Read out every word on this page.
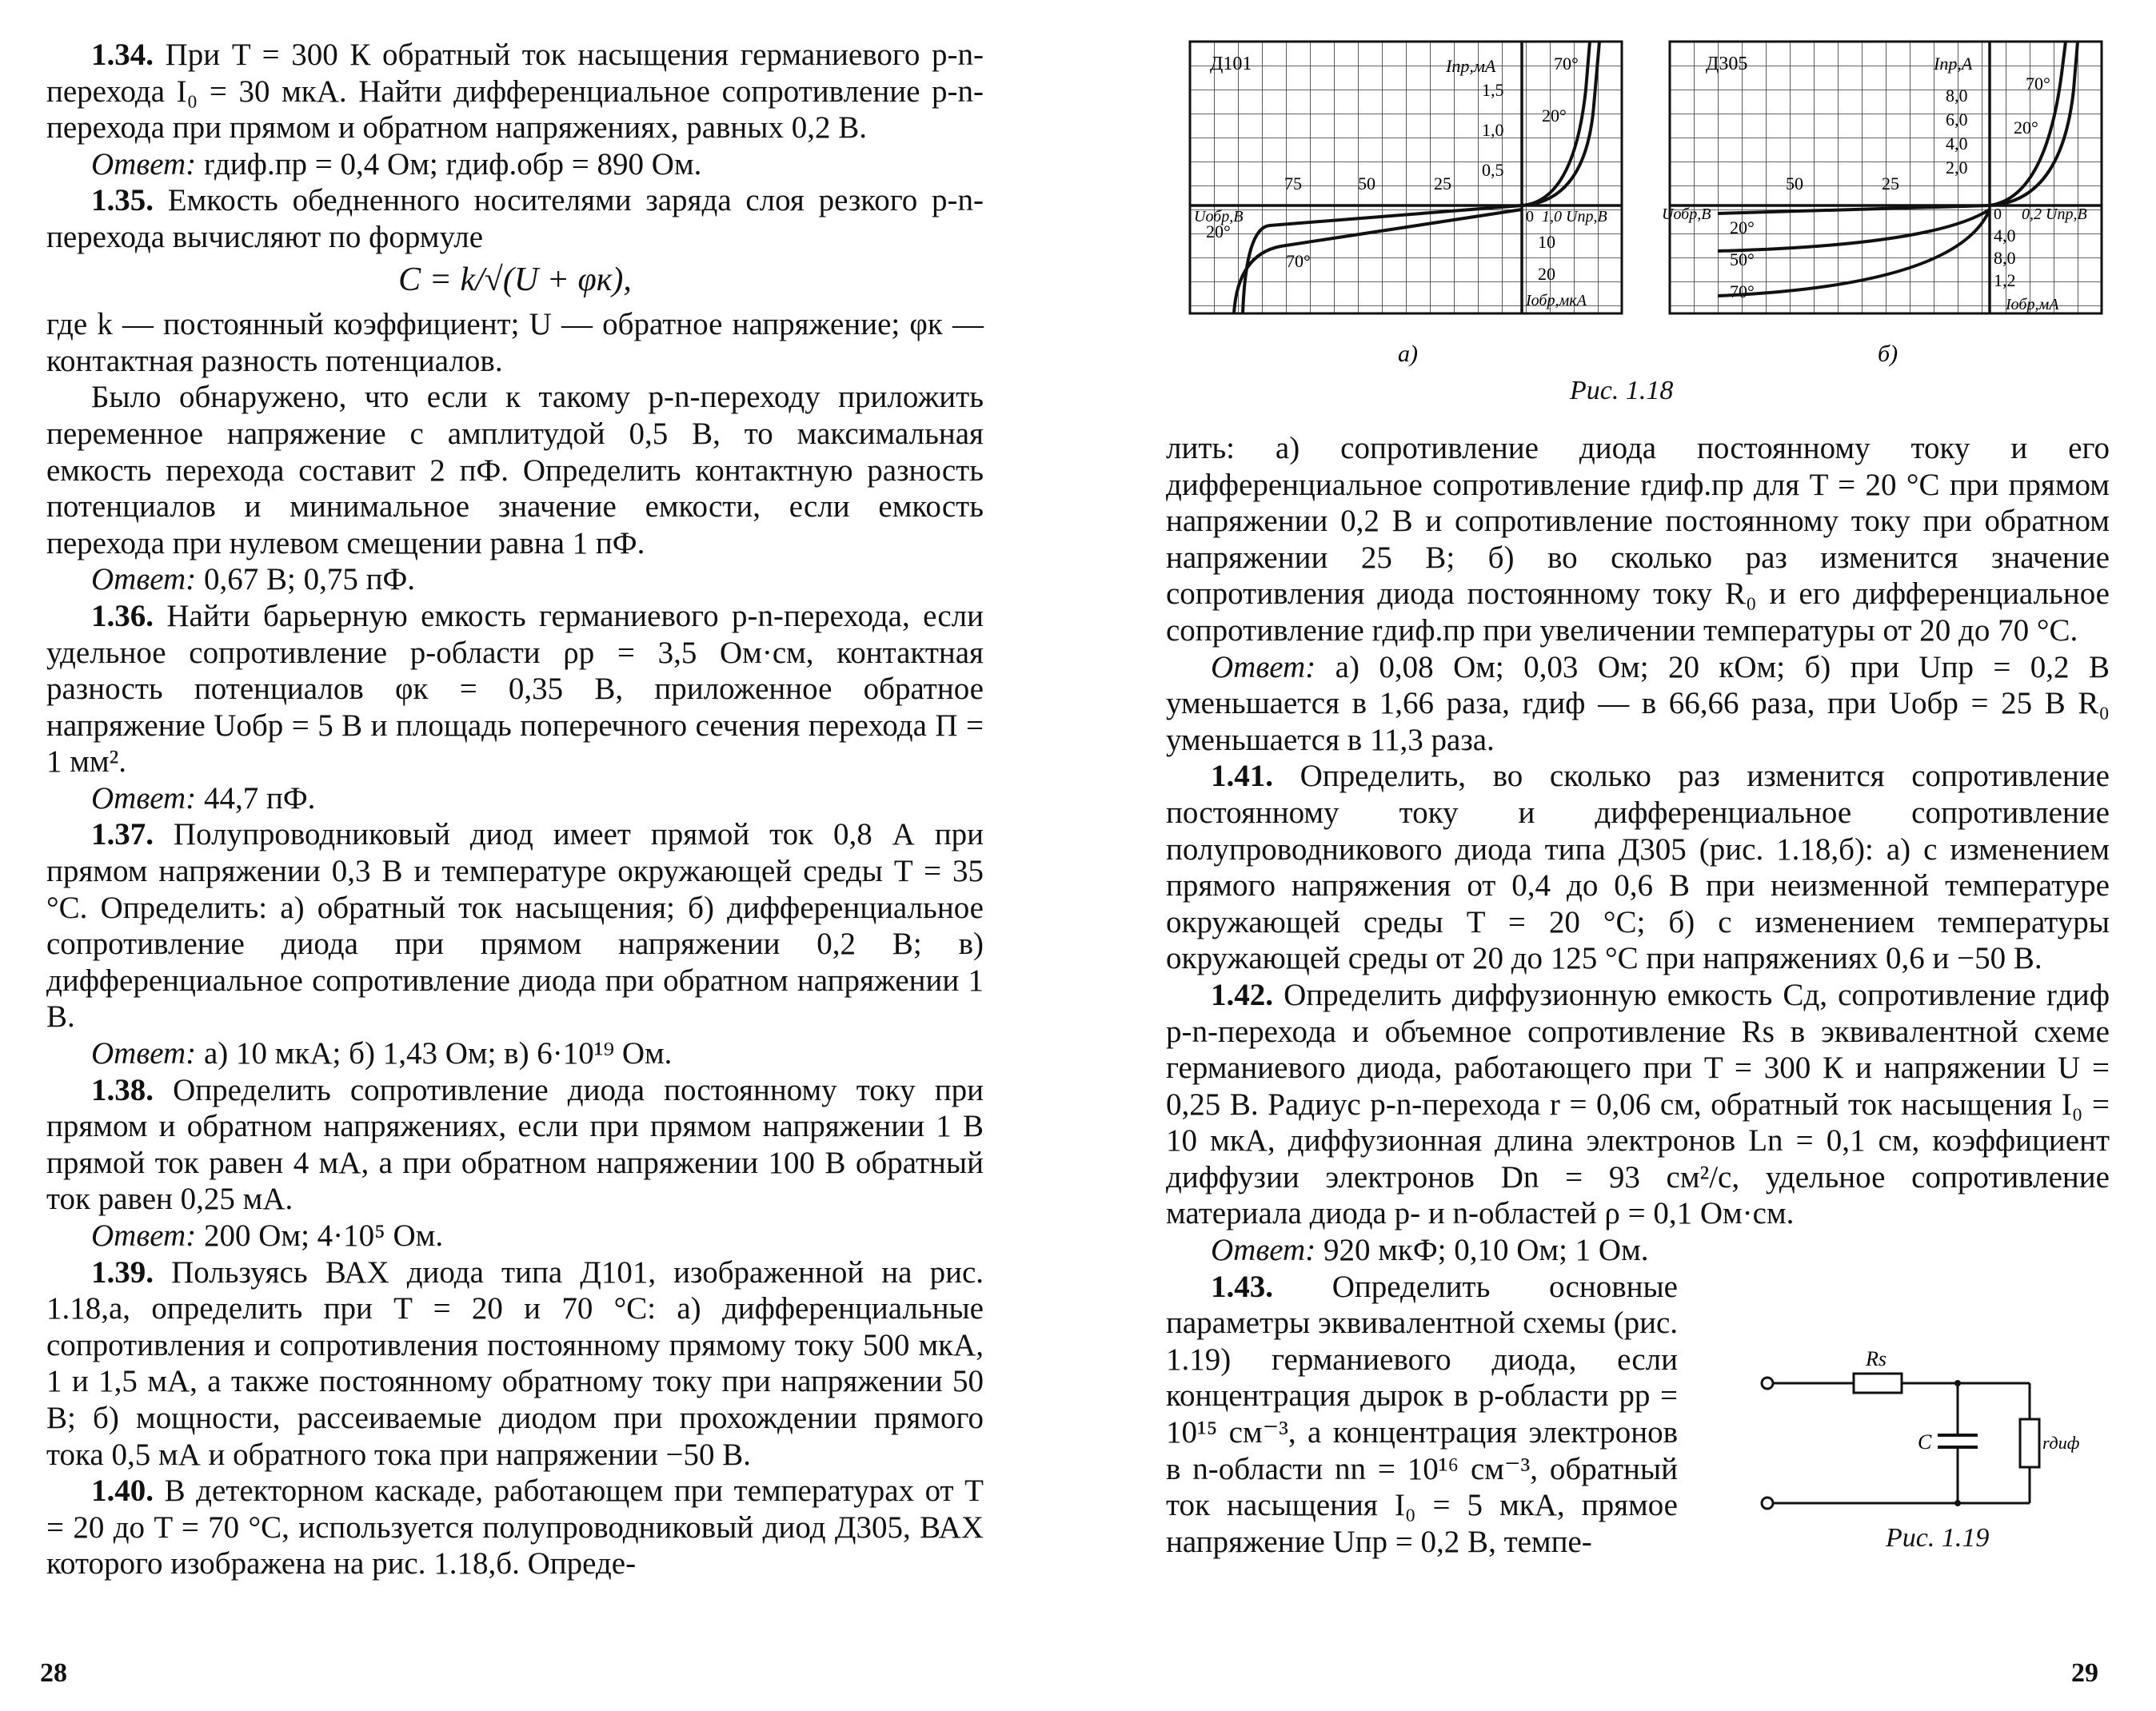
1.34. При T = 300 К обратный ток насыщения германиевого p-n-перехода I₀ = 30 мкА. Найти дифференциальное сопротивление p-n-перехода при прямом и обратном напряжениях, равных 0,2 В.

Ответ: rдиф.пр = 0,4 Ом; rдиф.обр = 890 Ом.

1.35. Емкость обедненного носителями заряда слоя резкого p-n-перехода вычисляют по формуле

C = k/√(U + φк),

где k — постоянный коэффициент; U — обратное напряжение; φк — контактная разность потенциалов.

Было обнаружено, что если к такому p-n-переходу приложить переменное напряжение с амплитудой 0,5 В, то максимальная емкость перехода составит 2 пФ. Определить контактную разность потенциалов и минимальное значение емкости, если емкость перехода при нулевом смещении равна 1 пФ.

Ответ: 0,67 В; 0,75 пФ.

1.36. Найти барьерную емкость германиевого p-n-перехода, если удельное сопротивление p-области ρp = 3,5 Ом·см, контактная разность потенциалов φк = 0,35 В, приложенное обратное напряжение Uобр = 5 В и площадь поперечного сечения перехода П = 1 мм².

Ответ: 44,7 пФ.

1.37. Полупроводниковый диод имеет прямой ток 0,8 А при прямом напряжении 0,3 В и температуре окружающей среды T = 35 °С. Определить: а) обратный ток насыщения; б) дифференциальное сопротивление диода при прямом напряжении 0,2 В; в) дифференциальное сопротивление диода при обратном напряжении 1 В.

Ответ: а) 10 мкА; б) 1,43 Ом; в) 6·10¹⁹ Ом.

1.38. Определить сопротивление диода постоянному току при прямом и обратном напряжениях, если при прямом напряжении 1 В прямой ток равен 4 мА, а при обратном напряжении 100 В обратный ток равен 0,25 мА.

Ответ: 200 Ом; 4·10⁵ Ом.

1.39. Пользуясь ВАХ диода типа Д101, изображенной на рис. 1.18,а, определить при T = 20 и 70 °С: а) дифференциальные сопротивления и сопротивления постоянному прямому току 500 мкА, 1 и 1,5 мА, а также постоянному обратному току при напряжении 50 В; б) мощности, рассеиваемые диодом при прохождении прямого тока 0,5 мА и обратного тока при напряжении −50 В.

1.40. В детекторном каскаде, работающем при температурах от T = 20 до T = 70 °С, используется полупроводниковый диод Д305, ВАХ которого изображена на рис. 1.18,б. Опреде-

28
Д101	Iпр,мА
1,5
1,0
0,5
75	50	25
Uобр,В	0 1,0 Uпр,В
10
20
Iобр,мкА
70°
20°
20°
70°
а)
Д305	Iпр,А
8,0
6,0
4,0
2,0
50	25
Uобр,В	0 0,2 Uпр,В
4,0
8,0
1,2
Iобр,мА
70°
20°
20°
50°
70°
б)
Рис. 1.18

лить: а) сопротивление диода постоянному току и его дифференциальное сопротивление rдиф.пр для T = 20 °С при прямом напряжении 0,2 В и сопротивление постоянному току при обратном напряжении 25 В; б) во сколько раз изменится значение сопротивления диода постоянному току R₀ и его дифференциальное сопротивление rдиф.пр при увеличении температуры от 20 до 70 °С.

Ответ: а) 0,08 Ом; 0,03 Ом; 20 кОм; б) при Uпр = 0,2 В уменьшается в 1,66 раза, rдиф — в 66,66 раза, при Uобр = 25 В R₀ уменьшается в 11,3 раза.

1.41. Определить, во сколько раз изменится сопротивление постоянному току и дифференциальное сопротивление полупроводникового диода типа Д305 (рис. 1.18,б): а) с изменением прямого напряжения от 0,4 до 0,6 В при неизменной температуре окружающей среды T = 20 °С; б) с изменением температуры окружающей среды от 20 до 125 °С при напряжениях 0,6 и −50 В.

1.42. Определить диффузионную емкость Cд, сопротивление rдиф p-n-перехода и объемное сопротивление Rs в эквивалентной схеме германиевого диода, работающего при T = 300 К и напряжении U = 0,25 В. Радиус p-n-перехода r = 0,06 см, обратный ток насыщения I₀ = 10 мкА, диффузионная длина электронов Ln = 0,1 см, коэффициент диффузии электронов Dn = 93 см²/с, удельное сопротивление материала диода p- и n-областей ρ = 0,1 Ом·см.

Ответ: 920 мкФ; 0,10 Ом; 1 Ом.

1.43. Определить основные параметры эквивалентной схемы (рис. 1.19) германиевого диода, если концентрация дырок в p-области pp = 10¹⁵ см⁻³, а концентрация электронов в n-области nn = 10¹⁶ см⁻³, обратный ток насыщения I₀ = 5 мкА, прямое напряжение Uпр = 0,2 В, темпе-

Rs
C	rдиф
Рис. 1.19
29
